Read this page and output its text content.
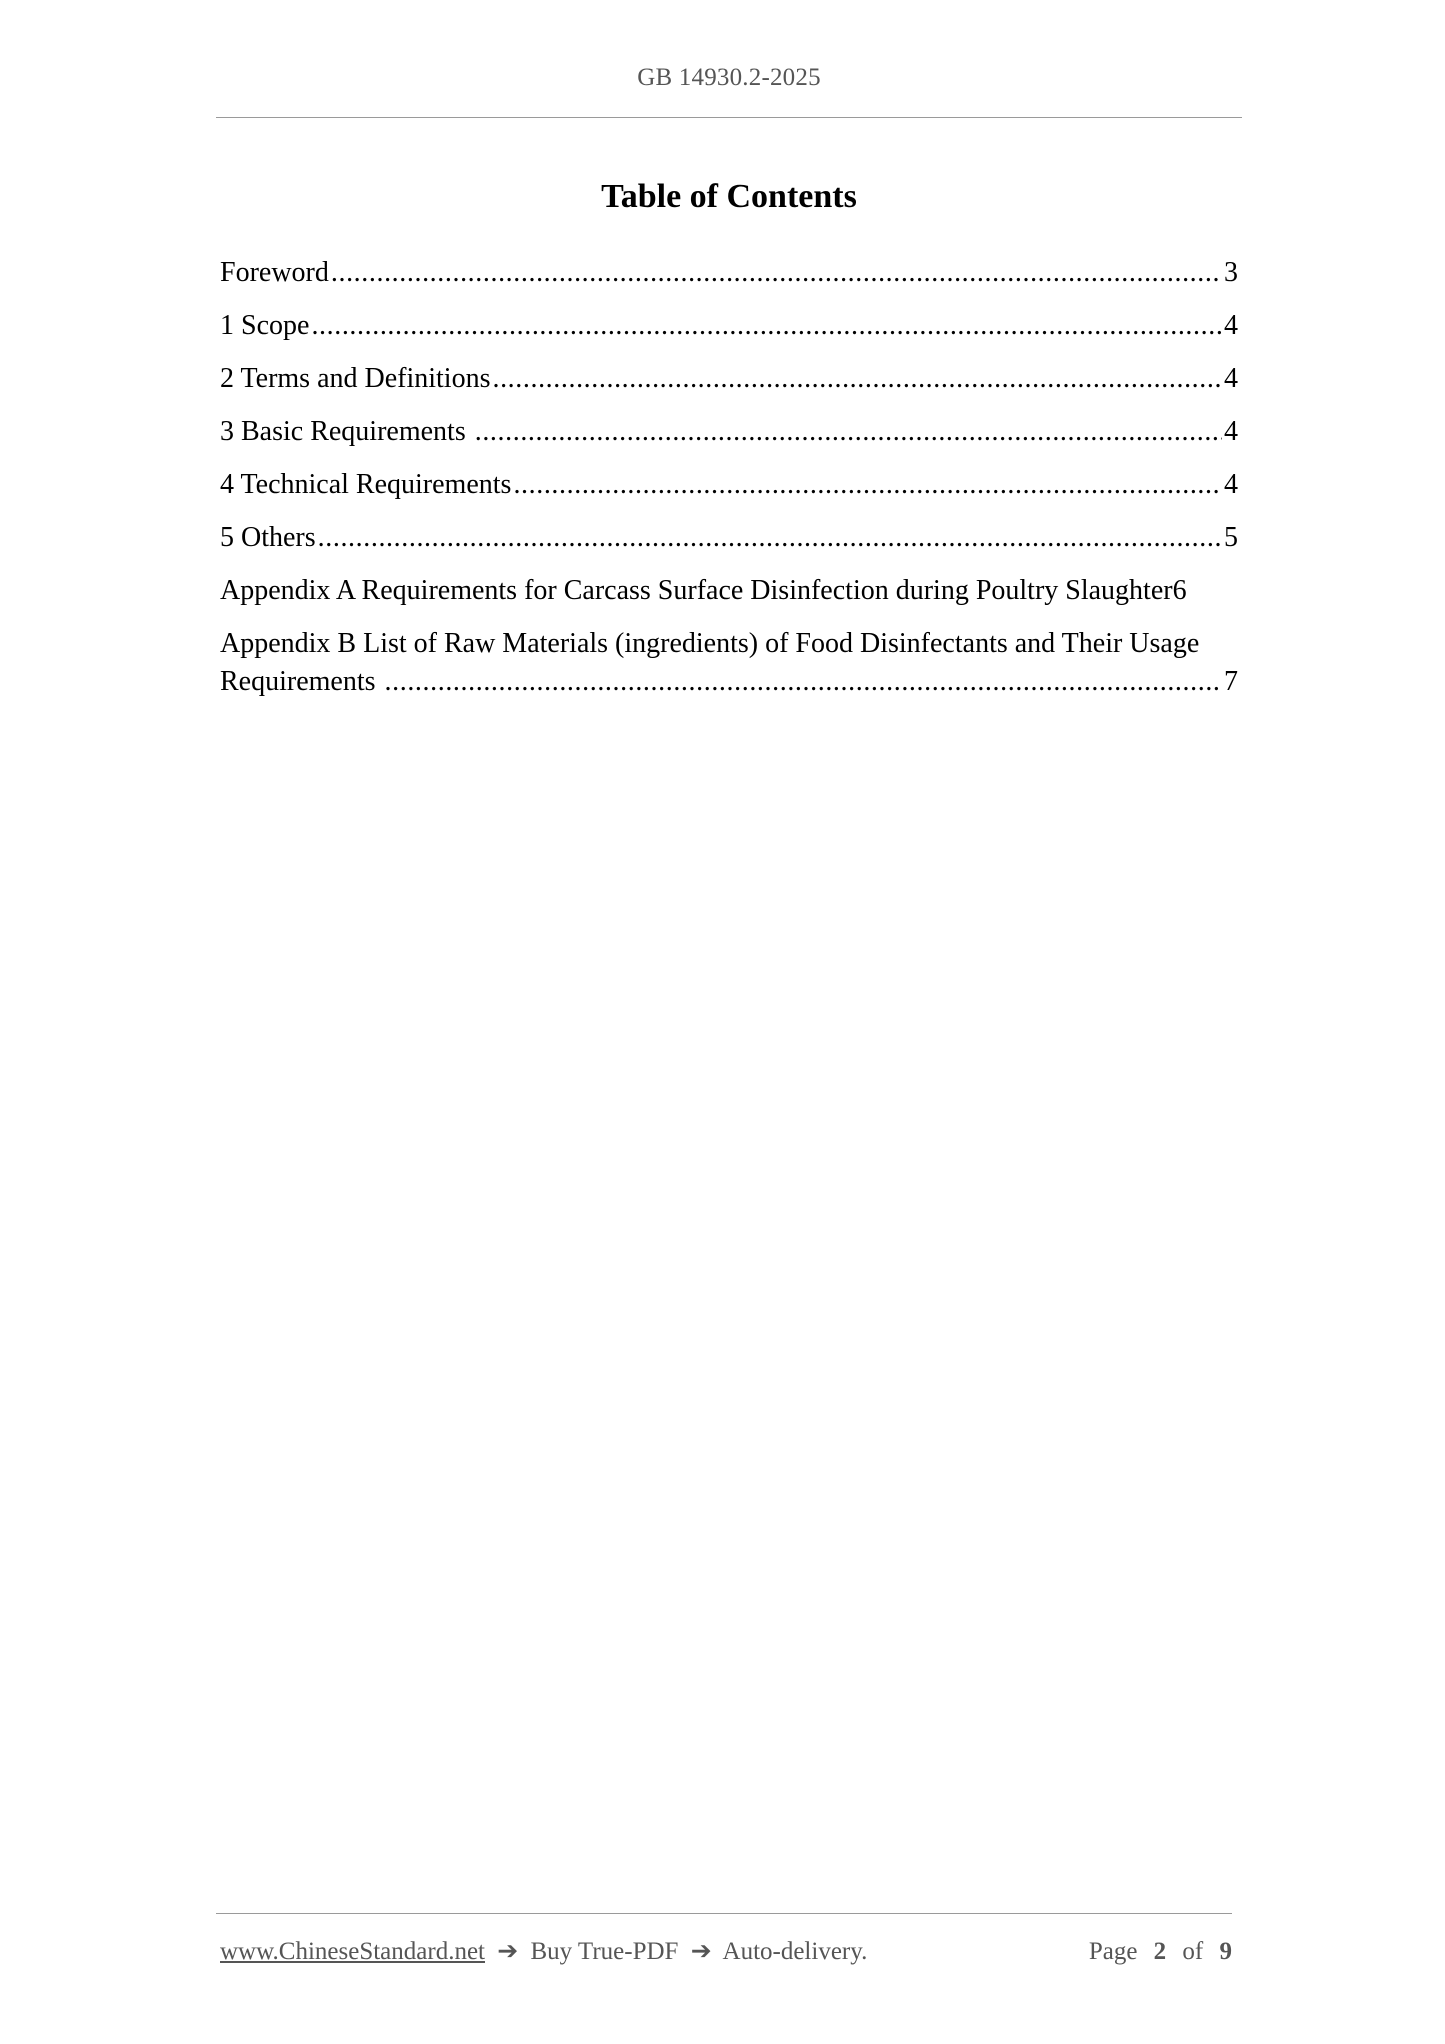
GB 14930.2-2025
Table of Contents
Foreword .....	3
1 Scope .....	4
2 Terms and Definitions .....	4
3 Basic Requirements .....	4
4 Technical Requirements .....	4
5 Others .....	5
Appendix A Requirements for Carcass Surface Disinfection during Poultry Slaughter 6
Appendix B List of Raw Materials (ingredients) of Food Disinfectants and Their Usage
Requirements .....	7
www.ChineseStandard.net ➔ Buy True-PDF ➔ Auto-delivery.	Page 2 of 9
